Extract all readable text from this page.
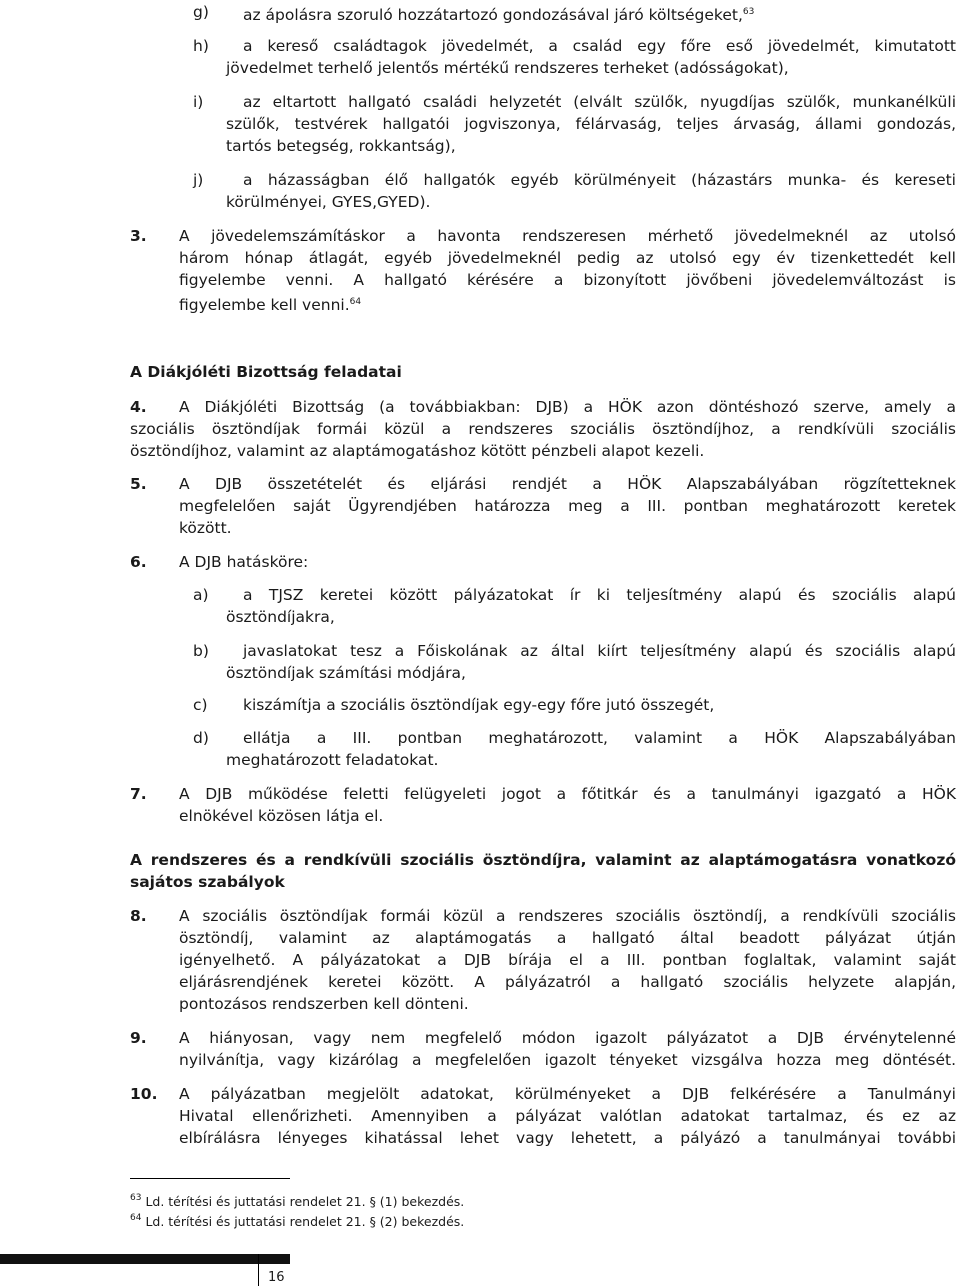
g) az ápolásra szoruló hozzátartozó gondozásával járó költségeket,$^{63}$
h) a kereső családtagok jövedelmét, a család egy főre eső jövedelmét, kimutatott
jövedelmet terhelő jelentős mértékű rendszeres terheket (adósságokat),
i)	az eltartott hallgató családi helyzetét (elvált szülők, nyugdíjas szülők, munkanélküli
szülők, testvérek hallgatói jogviszonya, félárvaság, teljes árvaság, állami gondozás,
tartós betegség, rokkantság),
j)	a házasságban élő hallgatók egyéb körülményeit (házastárs munka- és kereseti
körülményei, GYES,GYED).
3. A jövedelemszámításkor a havonta rendszeresen mérhető jövedelmeknél az utolsó
három hónap átlagát, egyéb jövedelmeknél pedig az utolsó egy év tizenkettedét kell
figyelembe venni. A hallgató kérésére a bizonyított jövőbeni jövedelemváltozást is
figyelembe kell venni.$^{64}$
A Diákjóléti Bizottság feladatai
4. A Diákjóléti Bizottság (a továbbiakban: DJB) a HÖK azon döntéshozó szerve, amely a
szociális ösztöndíjak formái közül a rendszeres szociális ösztöndíjhoz, a rendkívüli szociális
ösztöndíjhoz, valamint az alaptámogatáshoz kötött pénzbeli alapot kezeli.
5. A DJB összetételét és eljárási rendjét a HÖK Alapszabályában rögzítetteknek
megfelelően saját Ügyrendjében határozza meg a III. pontban meghatározott keretek
között.
6. A DJB hatásköre:
a) a TJSZ keretei között pályázatokat ír ki teljesítmény alapú és szociális alapú
ösztöndíjakra,
b) javaslatokat tesz a Főiskolának az által kiírt teljesítmény alapú és szociális alapú
ösztöndíjak számítási módjára,
c) kiszámítja a szociális ösztöndíjak egy-egy főre jutó összegét,
d) ellátja a III. pontban meghatározott, valamint a HÖK Alapszabályában
meghatározott feladatokat.
7. A DJB működése feletti felügyeleti jogot a főtitkár és a tanulmányi igazgató a HÖK
elnökével közösen látja el.
A rendszeres és a rendkívüli szociális ösztöndíjra, valamint az alaptámogatásra vonatkozó
sajátos szabályok
8. A szociális ösztöndíjak formái közül a rendszeres szociális ösztöndíj, a rendkívüli szociális
ösztöndíj, valamint az alaptámogatás a hallgató által beadott pályázat útján
igényelhető. A pályázatokat a DJB bírája el a III. pontban foglaltak, valamint saját
eljárásrendjének keretei között. A pályázatról a hallgató szociális helyzete alapján,
pontozásos rendszerben kell dönteni.
9. A hiányosan, vagy nem megfelelő módon igazolt pályázatot a DJB érvénytelenné
nyilvánítja, vagy kizárólag a megfelelően igazolt tényeket vizsgálva hozza meg döntését.
10. A pályázatban megjelölt adatokat, körülményeket a DJB felkérésére a Tanulmányi
Hivatal ellenőrizheti. Amennyiben a pályázat valótlan adatokat tartalmaz, és ez az
elbírálásra lényeges kihatással lehet vagy lehetett, a pályázó a tanulmányai további
$^{63}$ Ld. térítési és juttatási rendelet 21. § (1) bekezdés.
$^{64}$ Ld. térítési és juttatási rendelet 21. § (2) bekezdés.
16
